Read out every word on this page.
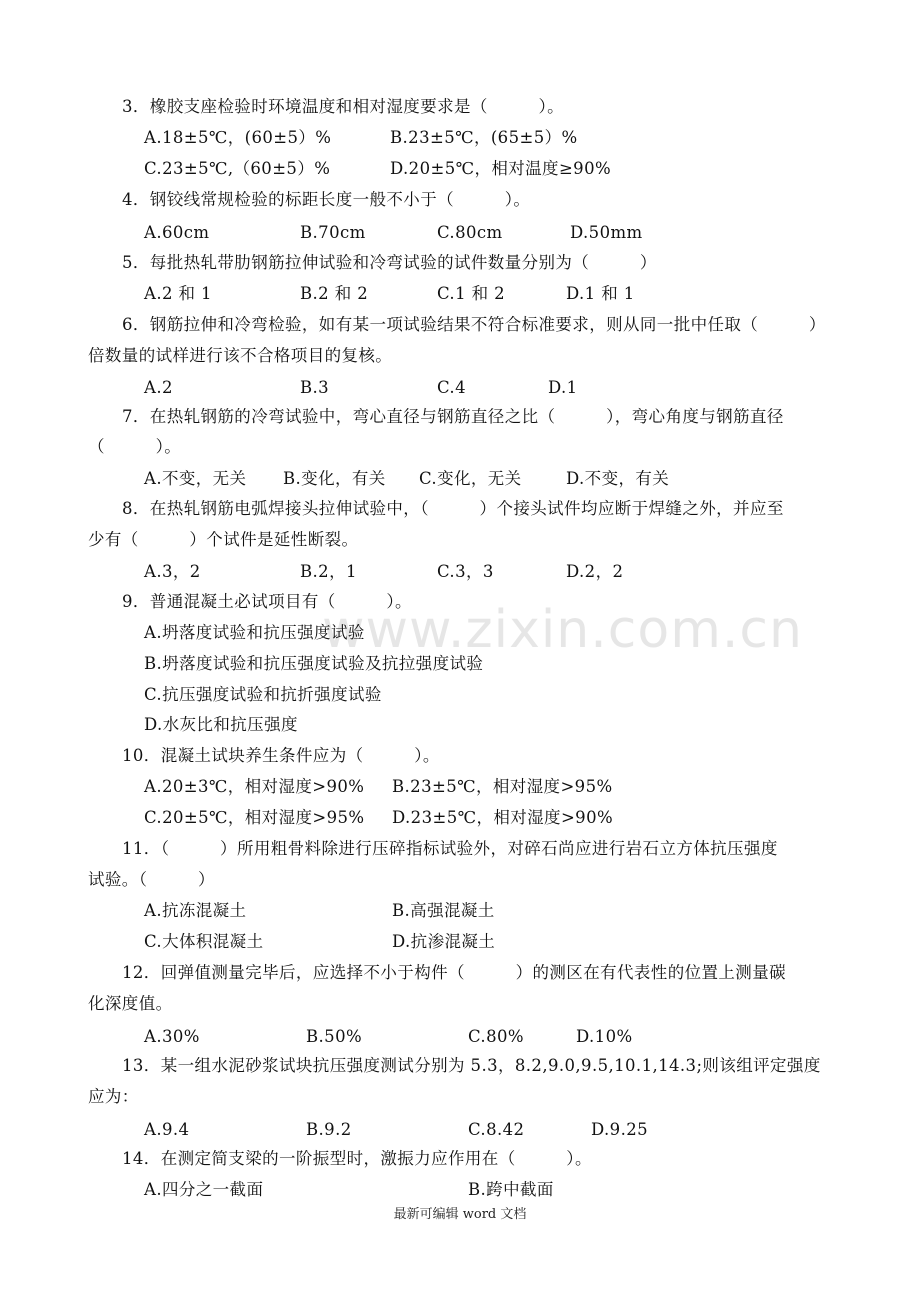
3．橡胶支座检验时环境温度和相对湿度要求是（　　　）。
A.18±5℃，(60±5）%	B.23±5℃，(65±5）%
C.23±5℃,（60±5）%	D.20±5℃，相对温度≥90%
4．钢铰线常规检验的标距长度一般不小于（　　　）。
A.60cm	B.70cm	C.80cm	D.50mm
5．每批热轧带肋钢筋拉伸试验和冷弯试验的试件数量分别为（　　　）
A.2 和 1	B.2 和 2	C.1 和 2	D.1 和 1
6．钢筋拉伸和冷弯检验，如有某一项试验结果不符合标准要求，则从同一批中任取（　　　）
倍数量的试样进行该不合格项目的复核。
A.2	B.3	C.4	D.1
7．在热轧钢筋的冷弯试验中，弯心直径与钢筋直径之比（　　　），弯心角度与钢筋直径
（　　　）。
A.不变，无关 B.变化，有关 C.变化，无关	D.不变，有关
8．在热轧钢筋电弧焊接头拉伸试验中，（　　　）个接头试件均应断于焊缝之外，并应至
少有（　　　）个试件是延性断裂。
A.3，2	B.2，1	C.3，3	D.2，2
9．普通混凝土必试项目有（　　　）。
A.坍落度试验和抗压强度试验
B.坍落度试验和抗压强度试验及抗拉强度试验
C.抗压强度试验和抗折强度试验
D.水灰比和抗压强度
10．混凝土试块养生条件应为（　　　）。
A.20±3℃，相对湿度>90% B.23±5℃，相对湿度>95%
C.20±5℃，相对湿度>95% D.23±5℃，相对湿度>90%
11．（　　　）所用粗骨料除进行压碎指标试验外，对碎石尚应进行岩石立方体抗压强度
试验。（　　　）
A.抗冻混凝土	B.高强混凝土
C.大体积混凝土	D.抗渗混凝土
12．回弹值测量完毕后，应选择不小于构件（　　　）的测区在有代表性的位置上测量碳
化深度值。
A.30%	B.50%	C.80%	D.10%
13．某一组水泥砂浆试块抗压强度测试分别为 5.3，8.2,9.0,9.5,10.1,14.3;则该组评定强度
应为：
A.9.4	B.9.2	C.8.42	D.9.25
14．在测定简支梁的一阶振型时，激振力应作用在（　　　）。
A.四分之一截面	B.跨中截面
www.zixin.com.cn
最新可编辑 word 文档
